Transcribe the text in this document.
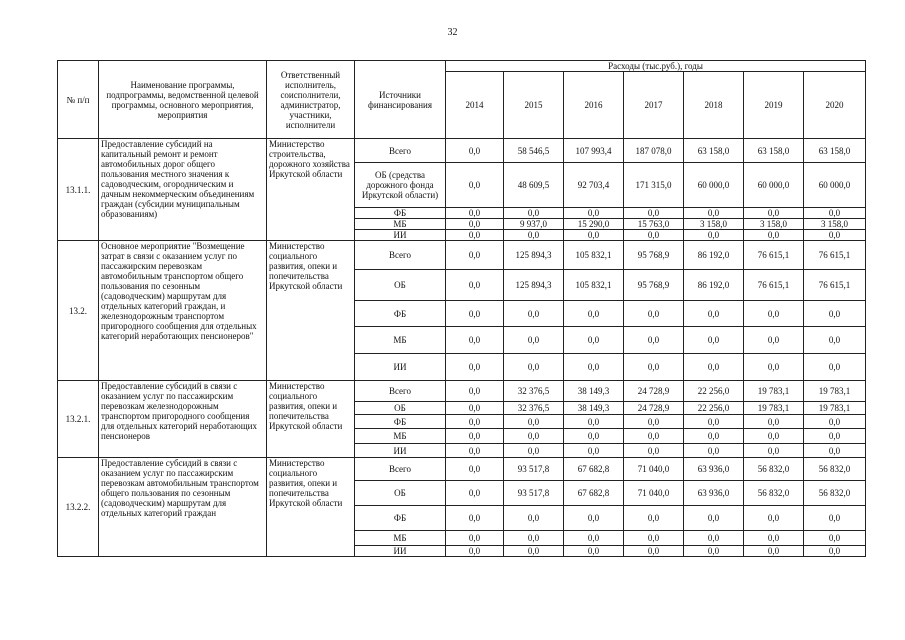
32
№ п/п	Наименование программы, подпрограммы, ведомственной целевой программы, основного мероприятия, мероприятия	Ответственный исполнитель, соисполнители, администратор, участники, исполнители	Источники финансирования	Расходы (тыс.руб.), годы						
				2014	2015	2016	2017	2018	2019	2020
13.1.1.	Предоставление субсидий на капитальный ремонт и ремонт автомобильных дорог общего пользования местного значения к садоводческим, огородническим и дачным некоммерческим объединениям граждан (субсидии муниципальным образованиям)	Министерство строительства, дорожного хозяйства Иркутской области	Всего	0,0	58 546,5	107 993,4	187 078,0	63 158,0	63 158,0	63 158,0
			ОБ (средства дорожного фонда Иркутской области)	0,0	48 609,5	92 703,4	171 315,0	60 000,0	60 000,0	60 000,0
			ФБ	0,0	0,0	0,0	0,0	0,0	0,0	0,0
			МБ	0,0	9 937,0	15 290,0	15 763,0	3 158,0	3 158,0	3 158,0
			ИИ	0,0	0,0	0,0	0,0	0,0	0,0	0,0
13.2.	Основное мероприятие "Возмещение затрат в связи с оказанием услуг по пассажирским перевозкам автомобильным транспортом общего пользования по сезонным (садоводческим) маршрутам для отдельных категорий граждан, и железнодорожным транспортом пригородного сообщения для отдельных категорий неработающих пенсионеров"	Министерство социального развития, опеки и попечительства Иркутской области	Всего	0,0	125 894,3	105 832,1	95 768,9	86 192,0	76 615,1	76 615,1
			ОБ	0,0	125 894,3	105 832,1	95 768,9	86 192,0	76 615,1	76 615,1
			ФБ	0,0	0,0	0,0	0,0	0,0	0,0	0,0
			МБ	0,0	0,0	0,0	0,0	0,0	0,0	0,0
			ИИ	0,0	0,0	0,0	0,0	0,0	0,0	0,0
13.2.1.	Предоставление субсидий в связи с оказанием услуг по пассажирским перевозкам железнодорожным транспортом пригородного сообщения для отдельных категорий неработающих пенсионеров	Министерство социального развития, опеки и попечительства Иркутской области	Всего	0,0	32 376,5	38 149,3	24 728,9	22 256,0	19 783,1	19 783,1
			ОБ	0,0	32 376,5	38 149,3	24 728,9	22 256,0	19 783,1	19 783,1
			ФБ	0,0	0,0	0,0	0,0	0,0	0,0	0,0
			МБ	0,0	0,0	0,0	0,0	0,0	0,0	0,0
			ИИ	0,0	0,0	0,0	0,0	0,0	0,0	0,0
13.2.2.	Предоставление субсидий в связи с оказанием услуг по пассажирским перевозкам автомобильным транспортом общего пользования по сезонным (садоводческим) маршрутам для отдельных категорий граждан	Министерство социального развития, опеки и попечительства Иркутской области	Всего	0,0	93 517,8	67 682,8	71 040,0	63 936,0	56 832,0	56 832,0
			ОБ	0,0	93 517,8	67 682,8	71 040,0	63 936,0	56 832,0	56 832,0
			ФБ	0,0	0,0	0,0	0,0	0,0	0,0	0,0
			МБ	0,0	0,0	0,0	0,0	0,0	0,0	0,0
			ИИ	0,0	0,0	0,0	0,0	0,0	0,0	0,0
